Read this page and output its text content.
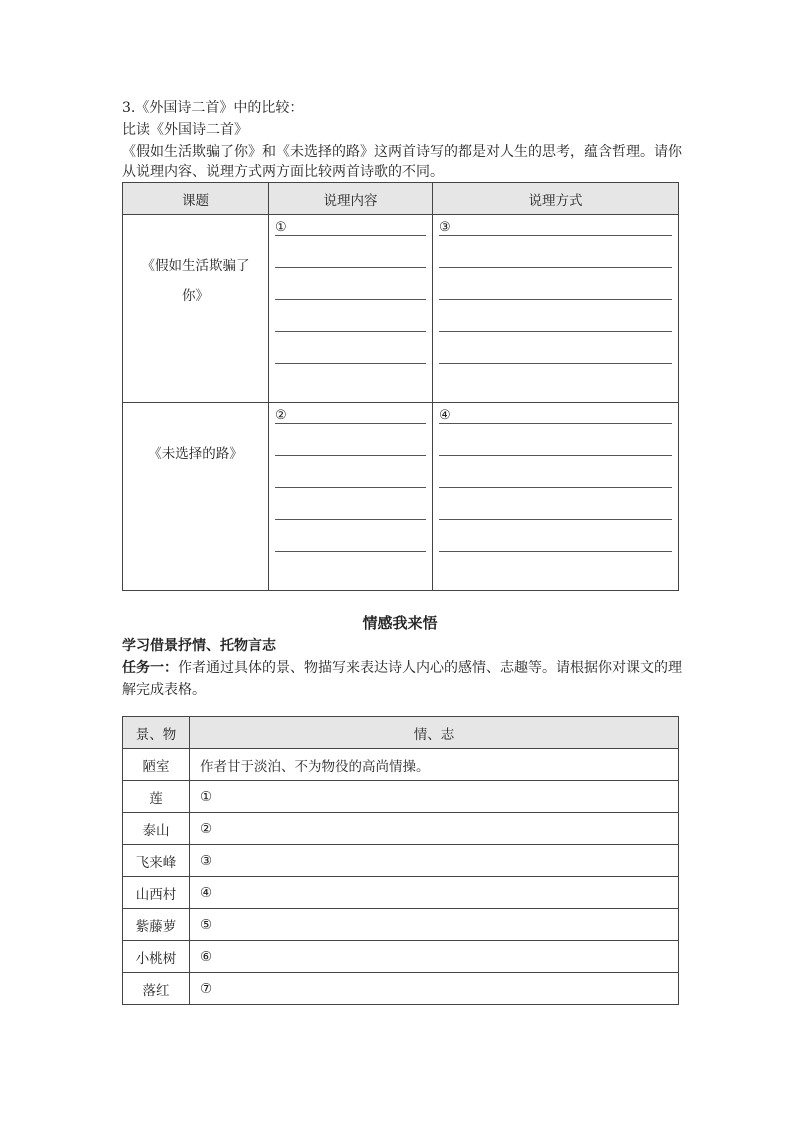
3.《外国诗二首》中的比较：
比读《外国诗二首》
《假如生活欺骗了你》和《未选择的路》这两首诗写的都是对人生的思考，蕴含哲理。请你
从说理内容、说理方式两方面比较两首诗歌的不同。
课题	说理内容	说理方式

《假如生活欺骗了
你》	①	③

《未选择的路》	②	④
情感我来悟
学习借景抒情、托物言志
任务一：作者通过具体的景、物描写来表达诗人内心的感情、志趣等。请根据你对课文的理
解完成表格。
景、物	情、志
陋室	作者甘于淡泊、不为物役的高尚情操。
莲	①
泰山	②
飞来峰	③
山西村	④
紫藤萝	⑤
小桃树	⑥
落红	⑦
